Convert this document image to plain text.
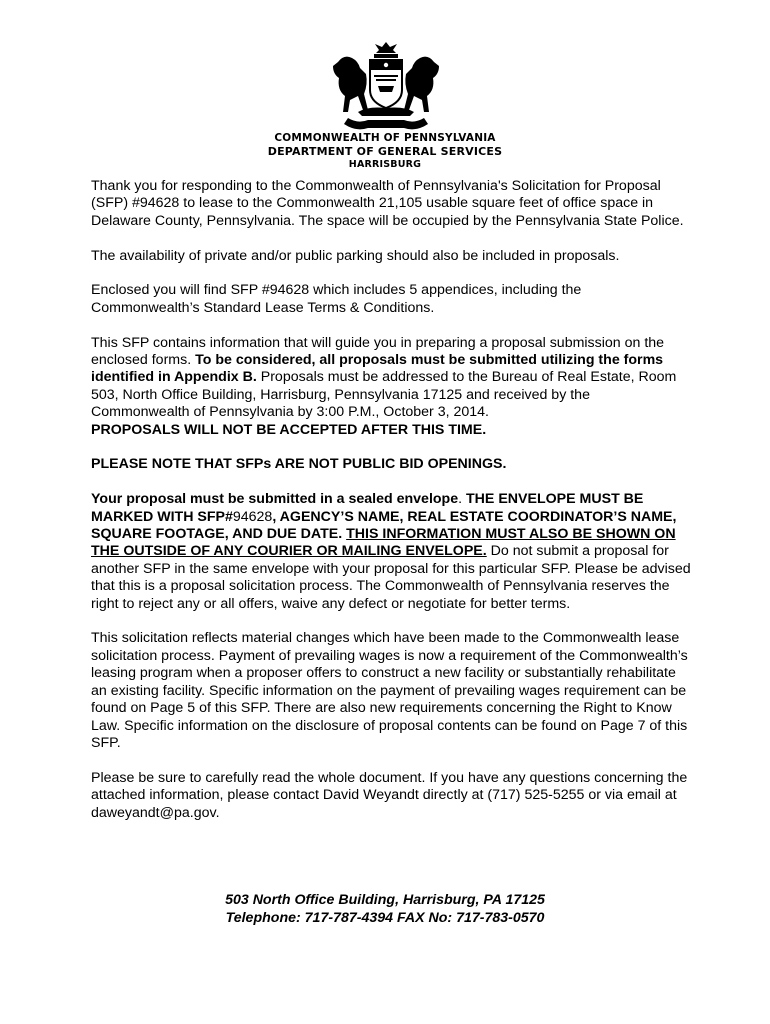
COMMONWEALTH OF PENNSYLVANIA
DEPARTMENT OF GENERAL SERVICES
HARRISBURG

Thank you for responding to the Commonwealth of Pennsylvania's Solicitation for Proposal (SFP) #94628 to lease to the Commonwealth 21,105 usable square feet of office space in Delaware County, Pennsylvania. The space will be occupied by the Pennsylvania State Police.

The availability of private and/or public parking should also be included in proposals.

Enclosed you will find SFP #94628 which includes 5 appendices, including the Commonwealth’s Standard Lease Terms & Conditions.

This SFP contains information that will guide you in preparing a proposal submission on the enclosed forms. To be considered, all proposals must be submitted utilizing the forms identified in Appendix B. Proposals must be addressed to the Bureau of Real Estate, Room 503, North Office Building, Harrisburg, Pennsylvania 17125 and received by the Commonwealth of Pennsylvania by 3:00 P.M., October 3, 2014.
PROPOSALS WILL NOT BE ACCEPTED AFTER THIS TIME.

PLEASE NOTE THAT SFPs ARE NOT PUBLIC BID OPENINGS.

Your proposal must be submitted in a sealed envelope. THE ENVELOPE MUST BE MARKED WITH SFP#94628, AGENCY’S NAME, REAL ESTATE COORDINATOR’S NAME, SQUARE FOOTAGE, AND DUE DATE. THIS INFORMATION MUST ALSO BE SHOWN ON THE OUTSIDE OF ANY COURIER OR MAILING ENVELOPE. Do not submit a proposal for another SFP in the same envelope with your proposal for this particular SFP. Please be advised that this is a proposal solicitation process. The Commonwealth of Pennsylvania reserves the right to reject any or all offers, waive any defect or negotiate for better terms.

This solicitation reflects material changes which have been made to the Commonwealth lease solicitation process. Payment of prevailing wages is now a requirement of the Commonwealth’s leasing program when a proposer offers to construct a new facility or substantially rehabilitate an existing facility. Specific information on the payment of prevailing wages requirement can be found on Page 5 of this SFP. There are also new requirements concerning the Right to Know Law. Specific information on the disclosure of proposal contents can be found on Page 7 of this SFP.

Please be sure to carefully read the whole document. If you have any questions concerning the attached information, please contact David Weyandt directly at (717) 525-5255 or via email at daweyandt@pa.gov.

503 North Office Building, Harrisburg, PA 17125
Telephone: 717-787-4394 FAX No: 717-783-0570
